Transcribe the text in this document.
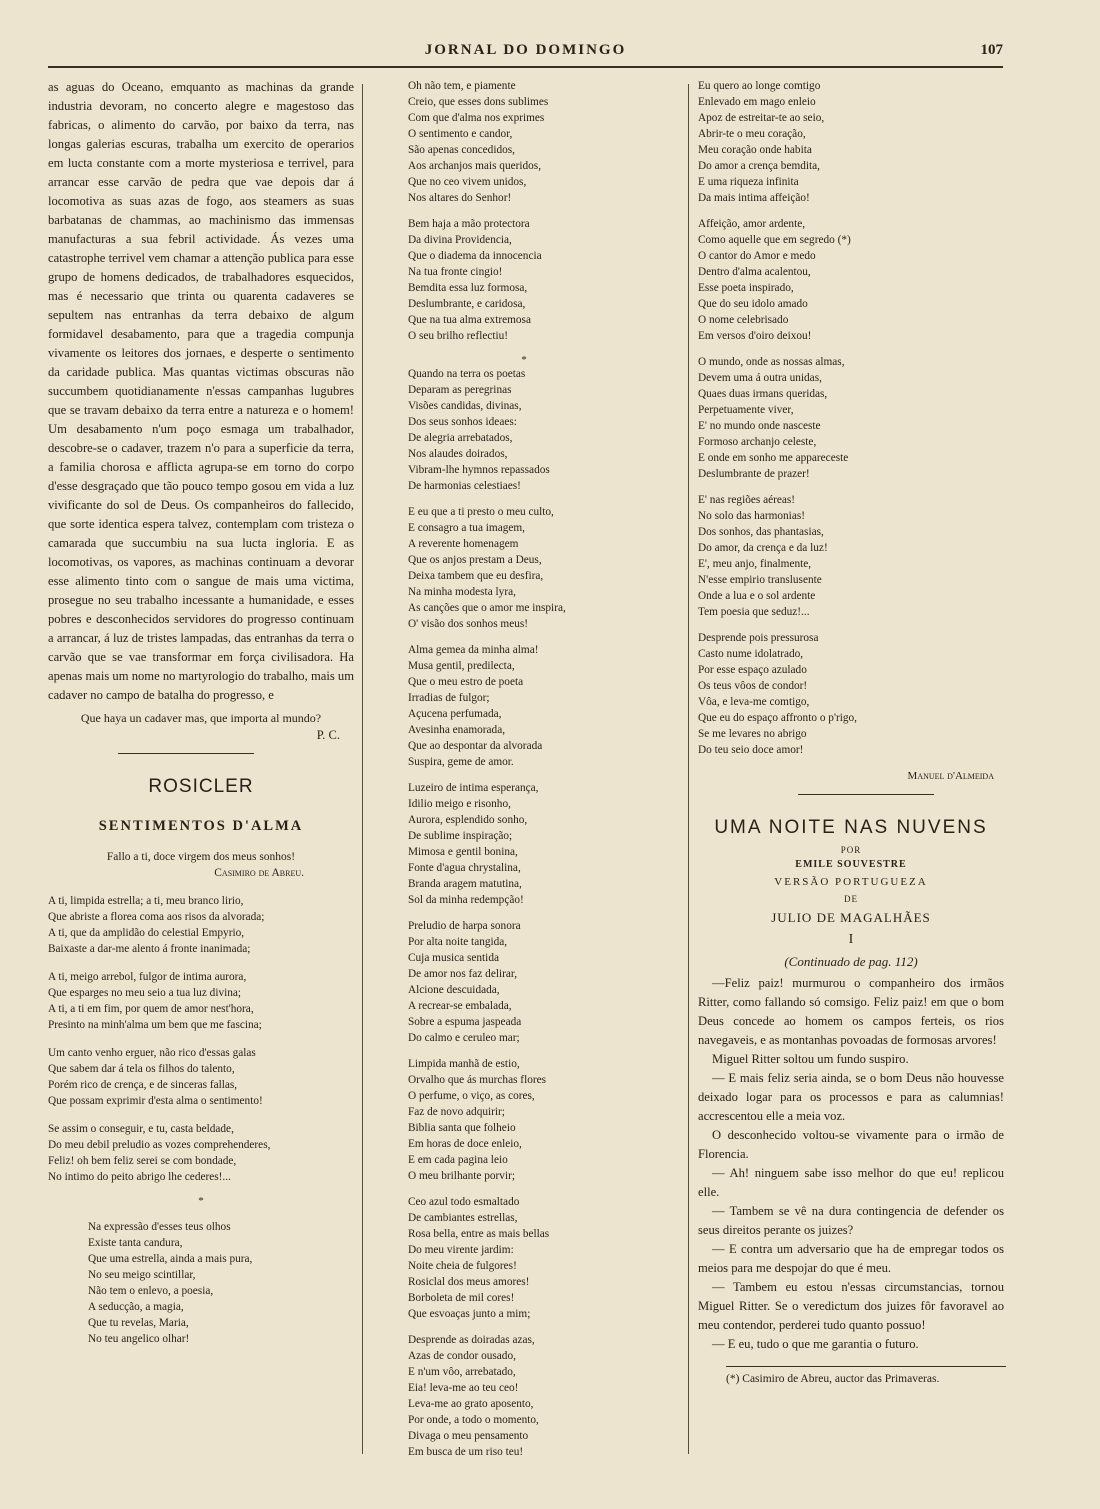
JORNAL DO DOMINGO	107

as aguas do Oceano, emquanto as machinas da grande industria devoram, no concerto alegre e magestoso das fabricas, o alimento do carvão, por baixo da terra, nas longas galerias escuras, trabalha um exercito de operarios em lucta constante com a morte mysteriosa e terrivel, para arrancar esse carvão de pedra que vae depois dar á locomotiva as suas azas de fogo, aos steamers as suas barbatanas de chammas, ao machinismo das immensas manufacturas a sua febril actividade. Ás vezes uma catastrophe terrivel vem chamar a attenção publica para esse grupo de homens dedicados, de trabalhadores esquecidos, mas é necessario que trinta ou quarenta cadaveres se sepultem nas entranhas da terra debaixo de algum formidavel desabamento, para que a tragedia compunja vivamente os leitores dos jornaes, e desperte o sentimento da caridade publica. Mas quantas victimas obscuras não succumbem quotidianamente n'essas campanhas lugubres que se travam debaixo da terra entre a natureza e o homem! Um desabamento n'um poço esmaga um trabalhador, descobre-se o cadaver, trazem n'o para a superficie da terra, a familia chorosa e afflicta agrupa-se em torno do corpo d'esse desgraçado que tão pouco tempo gosou em vida a luz vivificante do sol de Deus. Os companheiros do fallecido, que sorte identica espera talvez, contemplam com tristeza o camarada que succumbiu na sua lucta ingloria. E as locomotivas, os vapores, as machinas continuam a devorar esse alimento tinto com o sangue de mais uma victima, prosegue no seu trabalho incessante a humanidade, e esses pobres e desconhecidos servidores do progresso continuam a arrancar, á luz de tristes lampadas, das entranhas da terra o carvão que se vae transformar em força civilisadora. Ha apenas mais um nome no martyrologio do trabalho, mais um cadaver no campo de batalha do progresso, e

Que haya un cadaver mas, que importa al mundo?

P. C.

ROSICLER
SENTIMENTOS D'ALMA
Fallo a ti, doce virgem dos meus sonhos!
Casimiro de Abreu.
A ti, limpida estrella; a ti, meu branco lirio,
Que abriste a florea coma aos risos da alvorada;
A ti, que da amplidão do celestial Empyrio,
Baixaste a dar-me alento á fronte inanimada;
A ti, meigo arrebol, fulgor de intima aurora,
Que esparges no meu seio a tua luz divina;
A ti, a ti em fim, por quem de amor nest'hora,
Presinto na minh'alma um bem que me fascina;
Um canto venho erguer, não rico d'essas galas
Que sabem dar á tela os filhos do talento,
Porém rico de crença, e de sinceras fallas,
Que possam exprimir d'esta alma o sentimento!
Se assim o conseguir, e tu, casta beldade,
Do meu debil preludio as vozes comprehenderes,
Feliz! oh bem feliz serei se com bondade,
No intimo do peito abrigo lhe cederes!...
*
Na expressão d'esses teus olhos
Existe tanta candura,
Que uma estrella, ainda a mais pura,
No seu meigo scintillar,
Não tem o enlevo, a poesia,
A seducção, a magia,
Que tu revelas, Maria,
No teu angelico olhar!
Oh não tem, e piamente
Creio, que esses dons sublimes
Com que d'alma nos exprimes
O sentimento e candor,
São apenas concedidos,
Aos archanjos mais queridos,
Que no ceo vivem unidos,
Nos altares do Senhor!
Bem haja a mão protectora
Da divina Providencia,
Que o diadema da innocencia
Na tua fronte cingio!
Bemdita essa luz formosa,
Deslumbrante, e caridosa,
Que na tua alma extremosa
O seu brilho reflectiu!
*
Quando na terra os poetas
Deparam as peregrinas
Visões candidas, divinas,
Dos seus sonhos ideaes:
De alegria arrebatados,
Nos alaudes doirados,
Vibram-lhe hymnos repassados
De harmonias celestiaes!
E eu que a ti presto o meu culto,
E consagro a tua imagem,
A reverente homenagem
Que os anjos prestam a Deus,
Deixa tambem que eu desfira,
Na minha modesta lyra,
As canções que o amor me inspira,
O' visão dos sonhos meus!
Alma gemea da minha alma!
Musa gentil, predilecta,
Que o meu estro de poeta
Irradias de fulgor;
Açucena perfumada,
Avesinha enamorada,
Que ao despontar da alvorada
Suspira, geme de amor.
Luzeiro de intima esperança,
Idilio meigo e risonho,
Aurora, esplendido sonho,
De sublime inspiração;
Mimosa e gentil bonina,
Fonte d'agua chrystalina,
Branda aragem matutina,
Sol da minha redempção!
Preludio de harpa sonora
Por alta noite tangida,
Cuja musica sentida
De amor nos faz delirar,
Alcione descuidada,
A recrear-se embalada,
Sobre a espuma jaspeada
Do calmo e ceruleo mar;
Limpida manhã de estio,
Orvalho que ás murchas flores
O perfume, o viço, as cores,
Faz de novo adquirir;
Biblia santa que folheio
Em horas de doce enleio,
E em cada pagina leio
O meu brilhante porvir;
Ceo azul todo esmaltado
De cambiantes estrellas,
Rosa bella, entre as mais bellas
Do meu virente jardim:
Noite cheia de fulgores!
Rosiclal dos meus amores!
Borboleta de mil cores!
Que esvoaças junto a mim;
Desprende as doiradas azas,
Azas de condor ousado,
E n'um vôo, arrebatado,
Eia! leva-me ao teu ceo!
Leva-me ao grato aposento,
Por onde, a todo o momento,
Divaga o meu pensamento
Em busca de um riso teu!
Eu quero ao longe comtigo
Enlevado em mago enleio
Apoz de estreitar-te ao seio,
Abrir-te o meu coração,
Meu coração onde habita
Do amor a crença bemdita,
E uma riqueza infinita
Da mais intima affeição!
Affeição, amor ardente,
Como aquelle que em segredo (*)
O cantor do Amor e medo
Dentro d'alma acalentou,
Esse poeta inspirado,
Que do seu idolo amado
O nome celebrisado
Em versos d'oiro deixou!
O mundo, onde as nossas almas,
Devem uma á outra unidas,
Quaes duas irmans queridas,
Perpetuamente viver,
E' no mundo onde nasceste
Formoso archanjo celeste,
E onde em sonho me appareceste
Deslumbrante de prazer!
E' nas regiões aéreas!
No solo das harmonias!
Dos sonhos, das phantasias,
Do amor, da crença e da luz!
E', meu anjo, finalmente,
N'esse empirio translusente
Onde a lua e o sol ardente
Tem poesia que seduz!...
Desprende pois pressurosa
Casto nume idolatrado,
Por esse espaço azulado
Os teus vôos de condor!
Vôa, e leva-me comtigo,
Que eu do espaço affronto o p'rigo,
Se me levares no abrigo
Do teu seio doce amor!
Manuel d'Almeida
UMA NOITE NAS NUVENS
POR
EMILE SOUVESTRE
VERSÃO PORTUGUEZA
DE
JULIO DE MAGALHÃES
I
(Continuado de pag. 112)

—Feliz paiz! murmurou o companheiro dos irmãos Ritter, como fallando só comsigo. Feliz paiz! em que o bom Deus concede ao homem os campos ferteis, os rios navegaveis, e as montanhas povoadas de formosas arvores!

Miguel Ritter soltou um fundo suspiro.

— E mais feliz seria ainda, se o bom Deus não houvesse deixado logar para os processos e para as calumnias! accrescentou elle a meia voz.

O desconhecido voltou-se vivamente para o irmão de Florencia.

— Ah! ninguem sabe isso melhor do que eu! replicou elle.

— Tambem se vê na dura contingencia de defender os seus direitos perante os juizes?

— E contra um adversario que ha de empregar todos os meios para me despojar do que é meu.

— Tambem eu estou n'essas circumstancias, tornou Miguel Ritter. Se o veredictum dos juizes fôr favoravel ao meu contendor, perderei tudo quanto possuo!

— E eu, tudo o que me garantia o futuro.

(*) Casimiro de Abreu, auctor das Primaveras.
